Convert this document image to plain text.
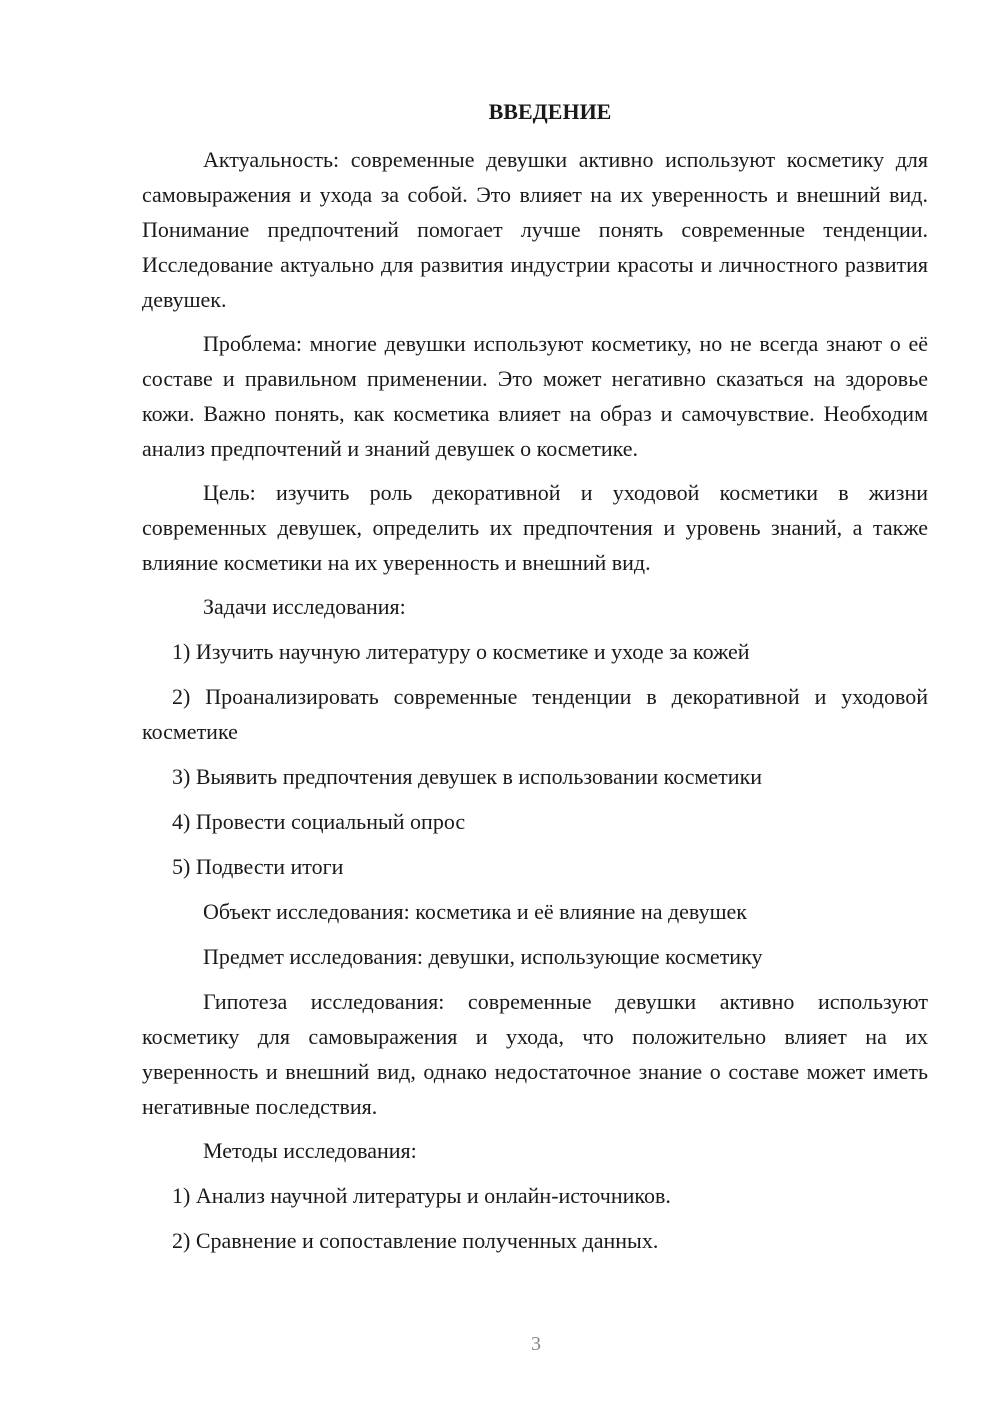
ВВЕДЕНИЕ
Актуальность: современные девушки активно используют косметику для самовыражения и ухода за собой. Это влияет на их уверенность и внешний вид. Понимание предпочтений помогает лучше понять современные тенденции. Исследование актуально для развития индустрии красоты и личностного развития девушек.
Проблема: многие девушки используют косметику, но не всегда знают о её составе и правильном применении. Это может негативно сказаться на здоровье кожи. Важно понять, как косметика влияет на образ и самочувствие. Необходим анализ предпочтений и знаний девушек о косметике.
Цель: изучить роль декоративной и уходовой косметики в жизни современных девушек, определить их предпочтения и уровень знаний, а также влияние косметики на их уверенность и внешний вид.
Задачи исследования:
1) Изучить научную литературу о косметике и уходе за кожей
2) Проанализировать современные тенденции в декоративной и уходовой косметике
3) Выявить предпочтения девушек в использовании косметики
4) Провести социальный опрос
5) Подвести итоги
Объект исследования: косметика и её влияние на девушек
Предмет исследования: девушки, использующие косметику
Гипотеза исследования: современные девушки активно используют косметику для самовыражения и ухода, что положительно влияет на их уверенность и внешний вид, однако недостаточное знание о составе может иметь негативные последствия.
Методы исследования:
1) Анализ научной литературы и онлайн-источников.
2) Сравнение и сопоставление полученных данных.
3
